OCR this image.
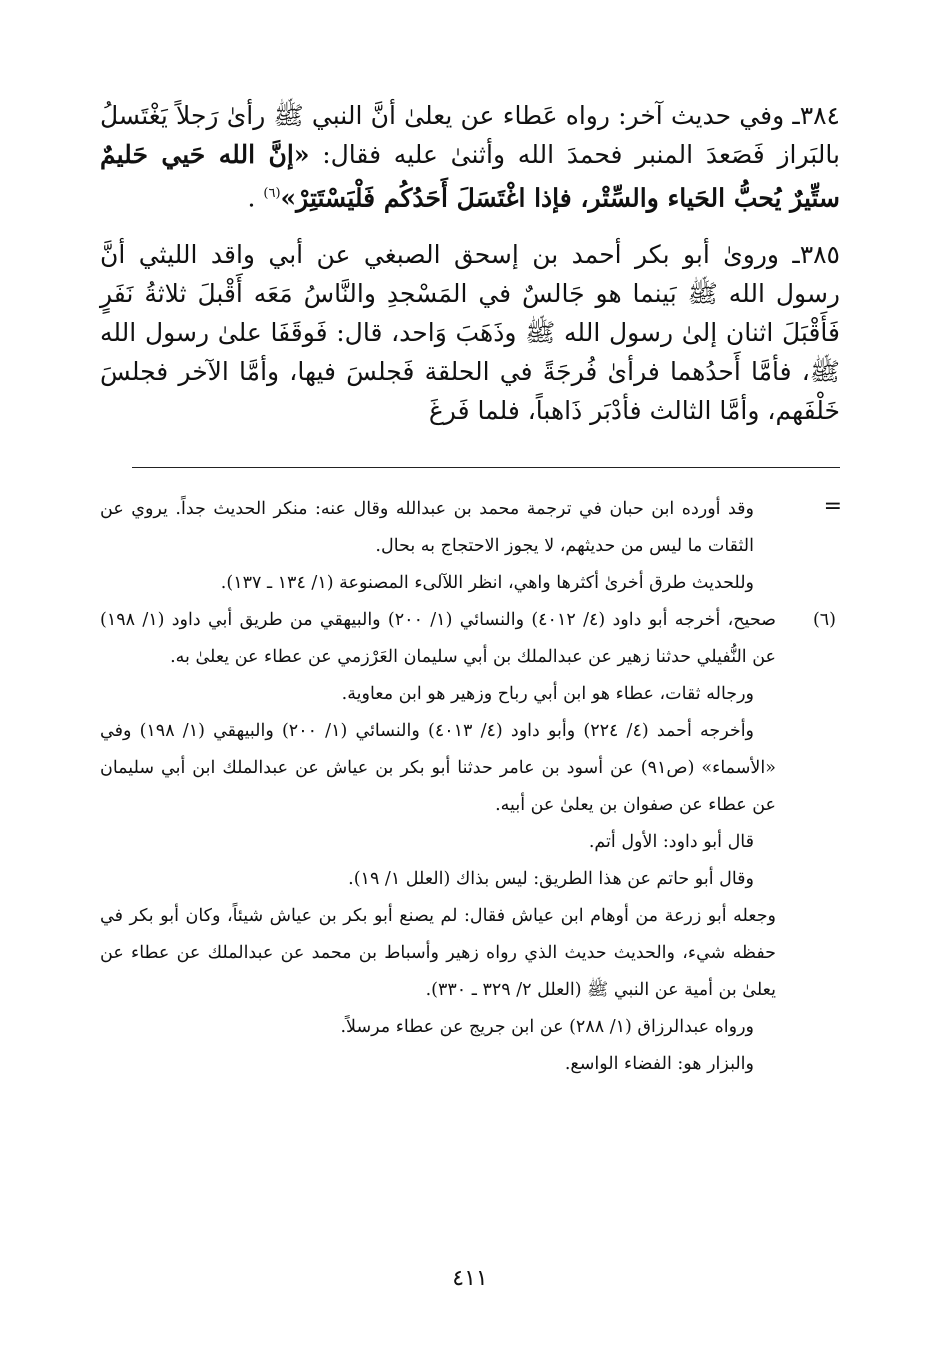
٣٨٤ـ وفي حديث آخر: رواه عَطاء عن يعلىٰ أنَّ النبي ﷺ رأىٰ رَجلاً يَغْتَسلُ بالبَراز فَصَعدَ المنبر فحمدَ الله وأثنىٰ عليه فقال: «إنَّ الله حَيي حَليمٌ ستِّيرٌ يُحبُّ الحَياء والسِّتْر، فإذا اغْتَسَلَ أَحَدُكُم فَلْيَسْتَتِرْ»$^{(٦)}$ .

٣٨٥ـ وروىٰ أبو بكر أحمد بن إسحق الصبغي عن أبي واقد الليثي أنَّ رسول الله ﷺ بَينما هو جَالسٌ في المَسْجدِ والنَّاسُ مَعَه أَقْبلَ ثلاثةُ نَفَرٍ فَأَقْبَلَ اثنان إلىٰ رسول الله ﷺ وذَهَبَ وَاحد، قال: فَوقَفَا علىٰ رسول الله ﷺ، فأمَّا أَحدُهما فرأىٰ فُرجَةً في الحلقة فَجلسَ فيها، وأمَّا الآخر فجلسَ خَلْفَهم، وأمَّا الثالث فأدْبَر ذَاهباً، فلما فَرغَ

=

وقد أورده ابن حبان في ترجمة محمد بن عبدالله وقال عنه: منكر الحديث جداً. يروي عن الثقات ما ليس من حديثهم، لا يجوز الاحتجاج به بحال.

وللحديث طرق أخرىٰ أكثرها واهي، انظر اللآلىء المصنوعة (١/ ١٣٤ ـ ١٣٧).

(٦)

صحيح، أخرجه أبو داود (٤/ ٤٠١٢) والنسائي (١/ ٢٠٠) والبيهقي من طريق أبي داود (١/ ١٩٨) عن النُّفيلي حدثنا زهير عن عبدالملك بن أبي سليمان العَرْزمي عن عطاء عن يعلىٰ به.

ورجاله ثقات، عطاء هو ابن أبي رباح وزهير هو ابن معاوية.

وأخرجه أحمد (٤/ ٢٢٤) وأبو داود (٤/ ٤٠١٣) والنسائي (١/ ٢٠٠) والبيهقي (١/ ١٩٨) وفي «الأسماء» (ص٩١) عن أسود بن عامر حدثنا أبو بكر بن عياش عن عبدالملك ابن أبي سليمان عن عطاء عن صفوان بن يعلىٰ عن أبيه.

قال أبو داود: الأول أتم.

وقال أبو حاتم عن هذا الطريق: ليس بذاك (العلل ١/ ١٩).

وجعله أبو زرعة من أوهام ابن عياش فقال: لم يصنع أبو بكر بن عياش شيئاً، وكان أبو بكر في حفظه شيء، والحديث حديث الذي رواه زهير وأسباط بن محمد عن عبدالملك عن عطاء عن يعلىٰ بن أمية عن النبي ﷺ (العلل ٢/ ٣٢٩ ـ ٣٣٠).

ورواه عبدالرزاق (١/ ٢٨٨) عن ابن جريج عن عطاء مرسلاً.

والبزار هو: الفضاء الواسع.

٤١١
